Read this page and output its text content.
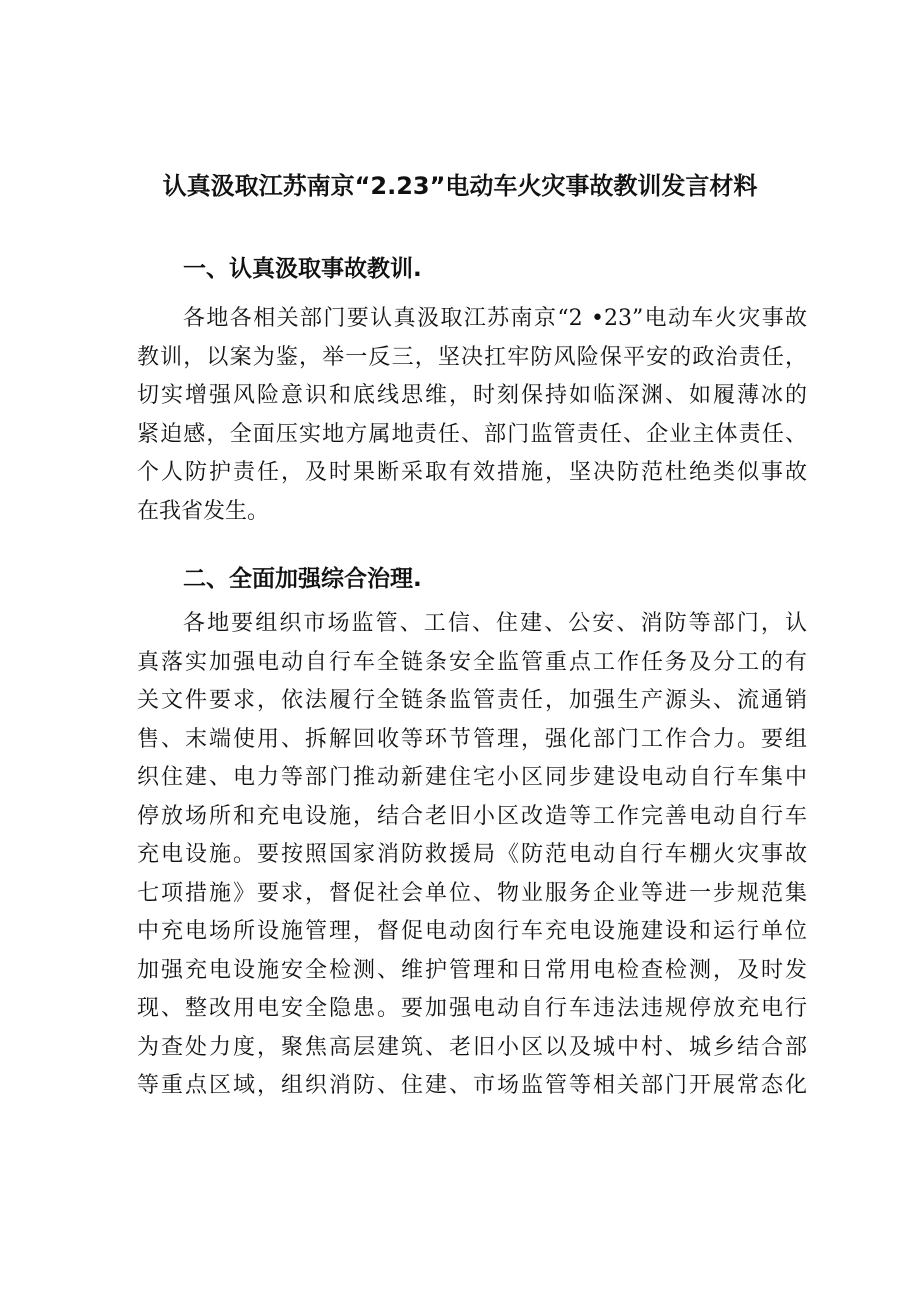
认真汲取江苏南京“2.23”电动车火灾事故教训发言材料
一、认真汲取事故教训.
各地各相关部门要认真汲取江苏南京“2 •23”电动车火灾事故
教训，以案为鉴，举一反三，坚决扛牢防风险保平安的政治责任，
切实增强风险意识和底线思维，时刻保持如临深渊、如履薄冰的
紧迫感，全面压实地方属地责任、部门监管责任、企业主体责任、
个人防护责任，及时果断采取有效措施，坚决防范杜绝类似事故
在我省发生。
二、全面加强综合治理.
各地要组织市场监管、工信、住建、公安、消防等部门，认
真落实加强电动自行车全链条安全监管重点工作任务及分工的有
关文件要求，依法履行全链条监管责任，加强生产源头、流通销
售、末端使用、拆解回收等环节管理，强化部门工作合力。要组
织住建、电力等部门推动新建住宅小区同步建设电动自行车集中
停放场所和充电设施，结合老旧小区改造等工作完善电动自行车
充电设施。要按照国家消防救援局《防范电动自行车棚火灾事故
七项措施》要求，督促社会单位、物业服务企业等进一步规范集
中充电场所设施管理，督促电动囱行车充电设施建设和运行单位
加强充电设施安全检测、维护管理和日常用电检查检测，及时发
现、整改用电安全隐患。要加强电动自行车违法违规停放充电行
为查处力度，聚焦高层建筑、老旧小区以及城中村、城乡结合部
等重点区域，组织消防、住建、市场监管等相关部门开展常态化
